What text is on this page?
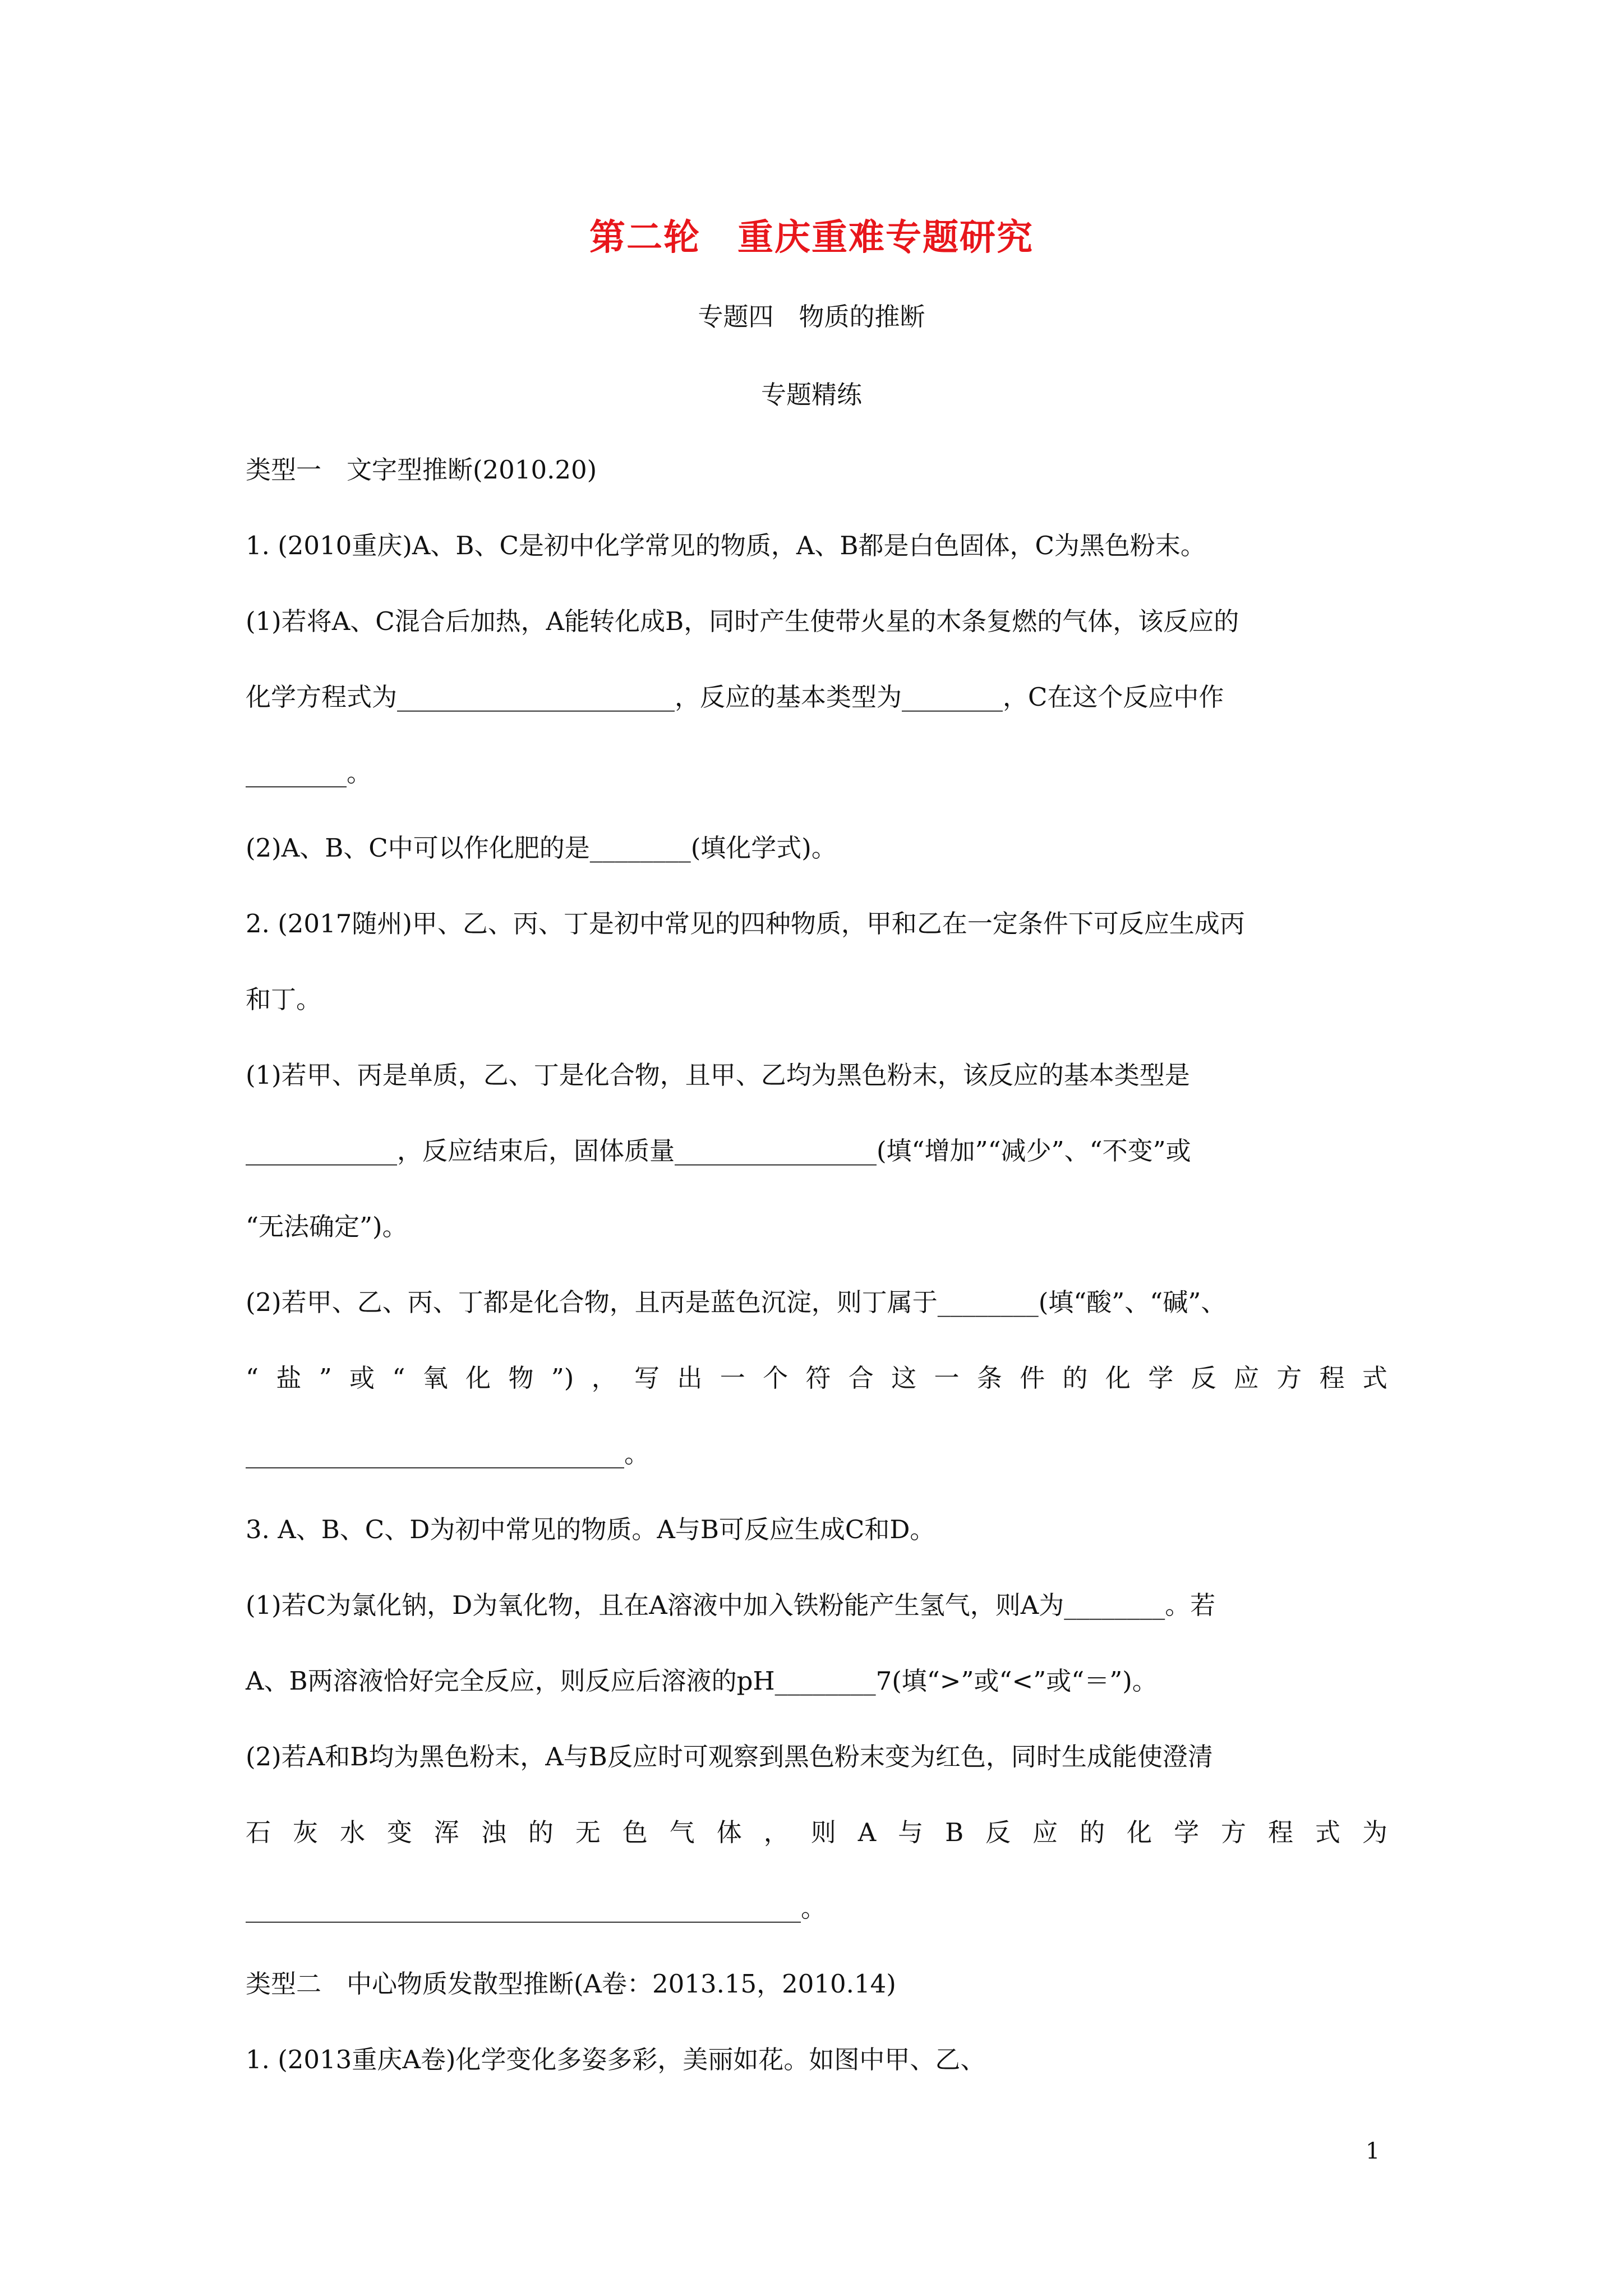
第二轮　重庆重难专题研究
专题四　物质的推断
专题精练
类型一　文字型推断(2010.20)
1. (2010重庆)A、B、C是初中化学常见的物质，A、B都是白色固体，C为黑色粉末。
(1)若将A、C混合后加热，A能转化成B，同时产生使带火星的木条复燃的气体，该反应的
化学方程式为______________________，反应的基本类型为________，C在这个反应中作
________。
(2)A、B、C中可以作化肥的是________(填化学式)。
2. (2017随州)甲、乙、丙、丁是初中常见的四种物质，甲和乙在一定条件下可反应生成丙
和丁。
(1)若甲、丙是单质，乙、丁是化合物，且甲、乙均为黑色粉末，该反应的基本类型是
____________，反应结束后，固体质量________________(填“增加”“减少”、“不变”或
“无法确定”)。
(2)若甲、乙、丙、丁都是化合物，且丙是蓝色沉淀，则丁属于________(填“酸”、“碱”、
“盐”或“氧化物”)，写出一个符合这一条件的化学反应方程式
______________________________。
3. A、B、C、D为初中常见的物质。A与B可反应生成C和D。
(1)若C为氯化钠，D为氧化物，且在A溶液中加入铁粉能产生氢气，则A为________。若
A、B两溶液恰好完全反应，则反应后溶液的pH________7(填“>”或“<”或“＝”)。
(2)若A和B均为黑色粉末，A与B反应时可观察到黑色粉末变为红色，同时生成能使澄清
石灰水变浑浊的无色气体，则A与B反应的化学方程式为
____________________________________________。
类型二　中心物质发散型推断(A卷：2013.15，2010.14)
1. (2013重庆A卷)化学变化多姿多彩，美丽如花。如图中甲、乙、
1
